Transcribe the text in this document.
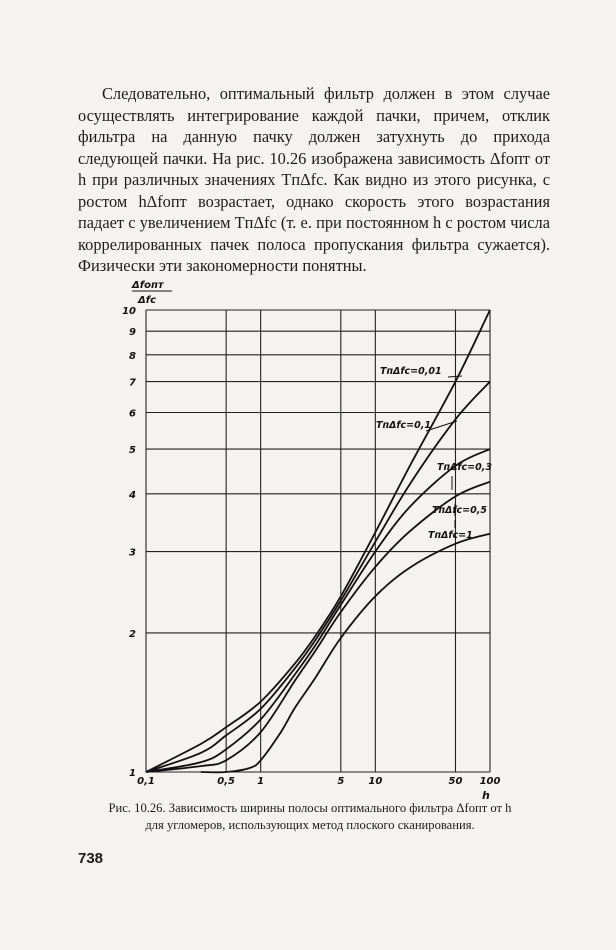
Следовательно, оптимальный фильтр должен в этом случае осуществлять интегрирование каждой пачки, причем, отклик фильтра на данную пачку должен затухнуть до прихода следующей пачки. На рис. 10.26 изображена зависимость Δfопт от h при различных значениях TпΔfc. Как видно из этого рисунка, с ростом hΔfопт возрастает, однако скорость этого возрастания падает с увеличением TпΔfc (т. е. при постоянном h с ростом числа коррелированных пачек полоса пропускания фильтра сужается). Физически эти закономерности понятны.

Δfопт
Δfc
1
2
3
4
5
6
7
8
9
10
0,1	0,5 1	5 10	50 100
TпΔfc=0,01
TпΔfc=0,1
TпΔfc=0,3
TпΔfc=0,5
TпΔfc=1
h
Рис. 10.26. Зависимость ширины полосы оптимального фильтра Δfопт от h для угломеров, использующих метод плоского сканирования.
738
